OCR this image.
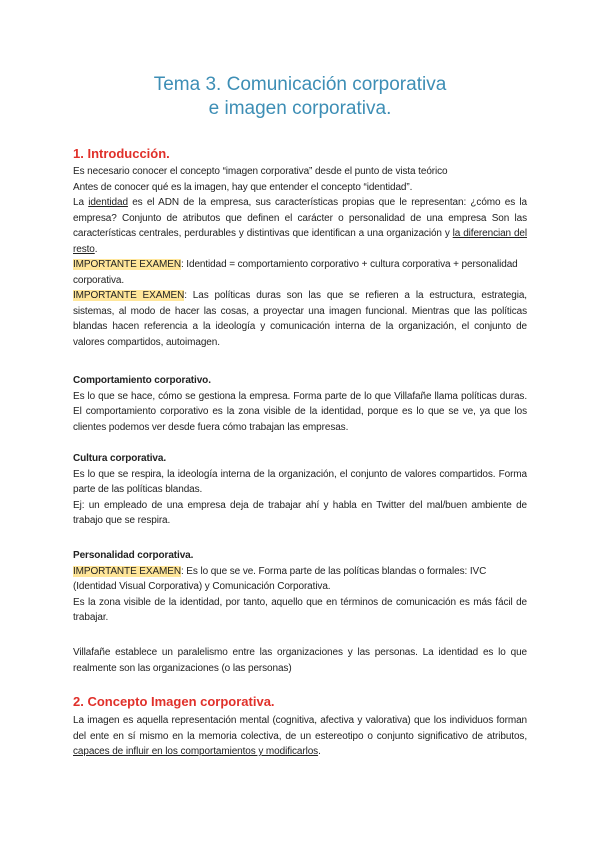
Tema 3. Comunicación corporativa
e imagen corporativa.
1. Introducción.

Es necesario conocer el concepto “imagen corporativa” desde el punto de vista teórico
Antes de conocer qué es la imagen, hay que entender el concepto “identidad”.

La identidad es el ADN de la empresa, sus características propias que le representan: ¿cómo es la empresa? Conjunto de atributos que definen el carácter o personalidad de una empresa Son las características centrales, perdurables y distintivas que identifican a una organización y la diferencian del resto.

IMPORTANTE EXAMEN: Identidad = comportamiento corporativo + cultura corporativa + personalidad corporativa.

IMPORTANTE EXAMEN: Las políticas duras son las que se refieren a la estructura, estrategia, sistemas, al modo de hacer las cosas, a proyectar una imagen funcional. Mientras que las políticas blandas hacen referencia a la ideología y comunicación interna de la organización, el conjunto de valores compartidos, autoimagen.

Comportamiento corporativo.

Es lo que se hace, cómo se gestiona la empresa. Forma parte de lo que Villafañe llama políticas duras. El comportamiento corporativo es la zona visible de la identidad, porque es lo que se ve, ya que los clientes podemos ver desde fuera cómo trabajan las empresas.

Cultura corporativa.

Es lo que se respira, la ideología interna de la organización, el conjunto de valores compartidos. Forma parte de las políticas blandas.

Ej: un empleado de una empresa deja de trabajar ahí y habla en Twitter del mal/buen ambiente de trabajo que se respira.

Personalidad corporativa.

IMPORTANTE EXAMEN: Es lo que se ve. Forma parte de las políticas blandas o formales: IVC (Identidad Visual Corporativa) y Comunicación Corporativa.

Es la zona visible de la identidad, por tanto, aquello que en términos de comunicación es más fácil de trabajar.

Villafañe establece un paralelismo entre las organizaciones y las personas. La identidad es lo que realmente son las organizaciones (o las personas)

2. Concepto Imagen corporativa.

La imagen es aquella representación mental (cognitiva, afectiva y valorativa) que los individuos forman del ente en sí mismo en la memoria colectiva, de un estereotipo o conjunto significativo de atributos, capaces de influir en los comportamientos y modificarlos.
